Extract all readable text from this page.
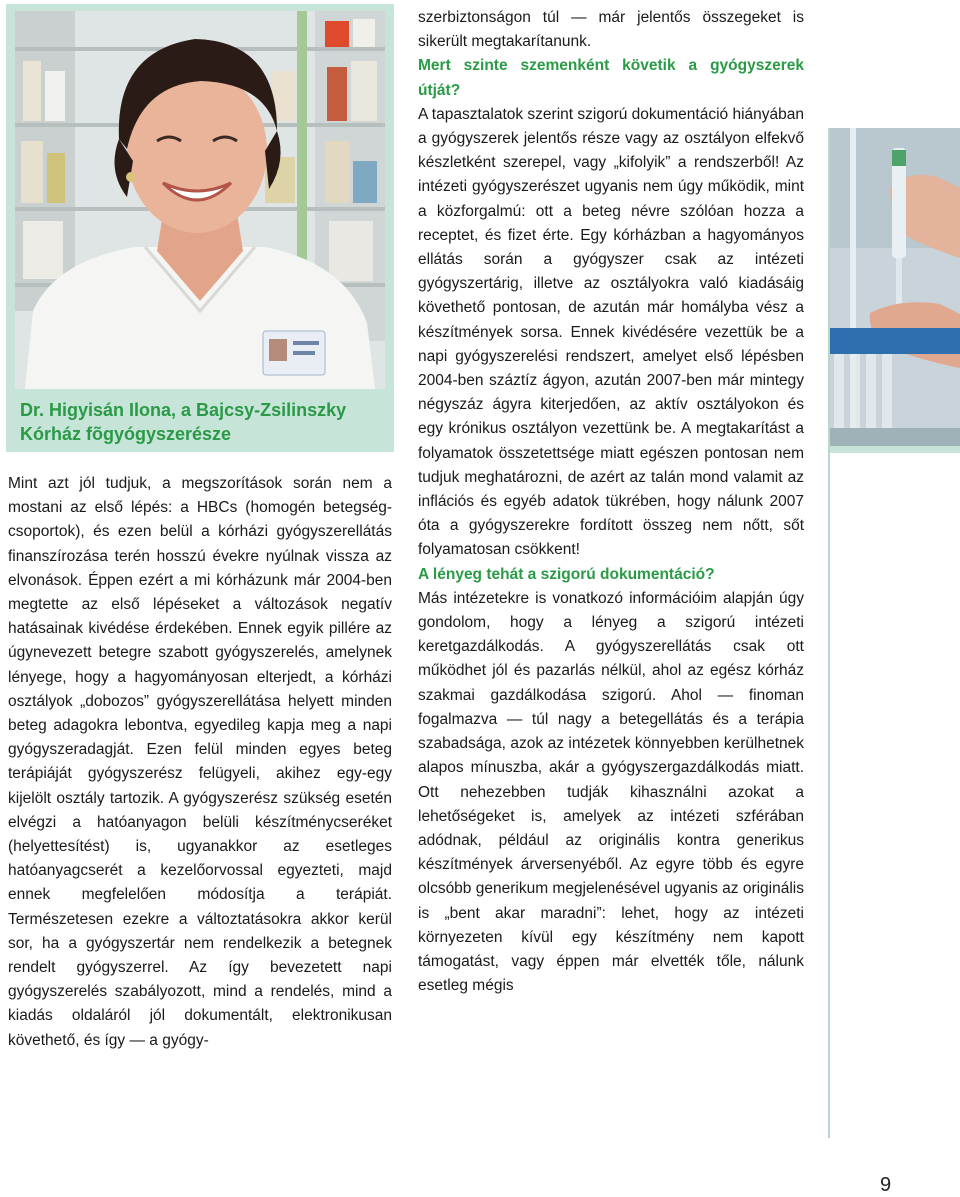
Dr. Higyisán Ilona, a Bajcsy-Zsilinszky
Kórház fõgyógyszerésze

Mint azt jól tudjuk, a megszorítások során nem a mostani az első lépés: a HBCs (homogén betegség-csoportok), és ezen belül a kórházi gyógyszerellátás finanszírozása terén hosszú évekre nyúlnak vissza az elvonások. Éppen ezért a mi kórházunk már 2004-ben megtette az első lépéseket a változások negatív hatásainak kivédése érdekében. Ennek egyik pillére az úgynevezett betegre szabott gyógyszerelés, amelynek lényege, hogy a hagyományosan elterjedt, a kórházi osztályok „dobozos” gyógyszerellátása helyett minden beteg adagokra lebontva, egyedileg kapja meg a napi gyógyszeradagját. Ezen felül minden egyes beteg terápiáját gyógyszerész felügyeli, akihez egy-egy kijelölt osztály tartozik. A gyógyszerész szükség esetén elvégzi a hatóanyagon belüli készítménycseréket (helyettesítést) is, ugyanakkor az esetleges hatóanyagcserét a kezelőorvossal egyezteti, majd ennek megfelelően módosítja a terápiát. Természetesen ezekre a változtatásokra akkor kerül sor, ha a gyógyszertár nem rendelkezik a betegnek rendelt gyógyszerrel. Az így bevezetett napi gyógyszerelés szabályozott, mind a rendelés, mind a kiadás oldaláról jól dokumentált, elektronikusan követhető, és így — a gyógy-

szerbiztonságon túl — már jelentős összegeket is sikerült megtakarítanunk.

Mert szinte szemenként követik a gyógyszerek útját?

A tapasztalatok szerint szigorú dokumentáció hiányában a gyógyszerek jelentős része vagy az osztályon elfekvő készletként szerepel, vagy „kifolyik” a rendszerből! Az intézeti gyógyszerészet ugyanis nem úgy működik, mint a közforgalmú: ott a beteg névre szólóan hozza a receptet, és fizet érte. Egy kórházban a hagyományos ellátás során a gyógyszer csak az intézeti gyógyszertárig, illetve az osztályokra való kiadásáig követhető pontosan, de azután már homályba vész a készítmények sorsa. Ennek kivédésére vezettük be a napi gyógyszerelési rendszert, amelyet első lépésben 2004-ben száztíz ágyon, azután 2007-ben már mintegy négyszáz ágyra kiterjedően, az aktív osztályokon és egy krónikus osztályon vezettünk be. A megtakarítást a folyamatok összetettsége miatt egészen pontosan nem tudjuk meghatározni, de azért az talán mond valamit az inflációs és egyéb adatok tükrében, hogy nálunk 2007 óta a gyógyszerekre fordított összeg nem nőtt, sőt folyamatosan csökkent!

A lényeg tehát a szigorú dokumentáció?

Más intézetekre is vonatkozó információim alapján úgy gondolom, hogy a lényeg a szigorú intézeti keretgazdálkodás. A gyógyszerellátás csak ott működhet jól és pazarlás nélkül, ahol az egész kórház szakmai gazdálkodása szigorú. Ahol — finoman fogalmazva — túl nagy a betegellátás és a terápia szabadsága, azok az intézetek könnyebben kerülhetnek alapos mínuszba, akár a gyógyszergazdálkodás miatt. Ott nehezebben tudják kihasználni azokat a lehetőségeket is, amelyek az intézeti szférában adódnak, például az originális kontra generikus készítmények árversenyéből. Az egyre több és egyre olcsóbb generikum megjelenésével ugyanis az originális is „bent akar maradni”: lehet, hogy az intézeti környezeten kívül egy készítmény nem kapott támogatást, vagy éppen már elvették tőle, nálunk esetleg mégis

9
